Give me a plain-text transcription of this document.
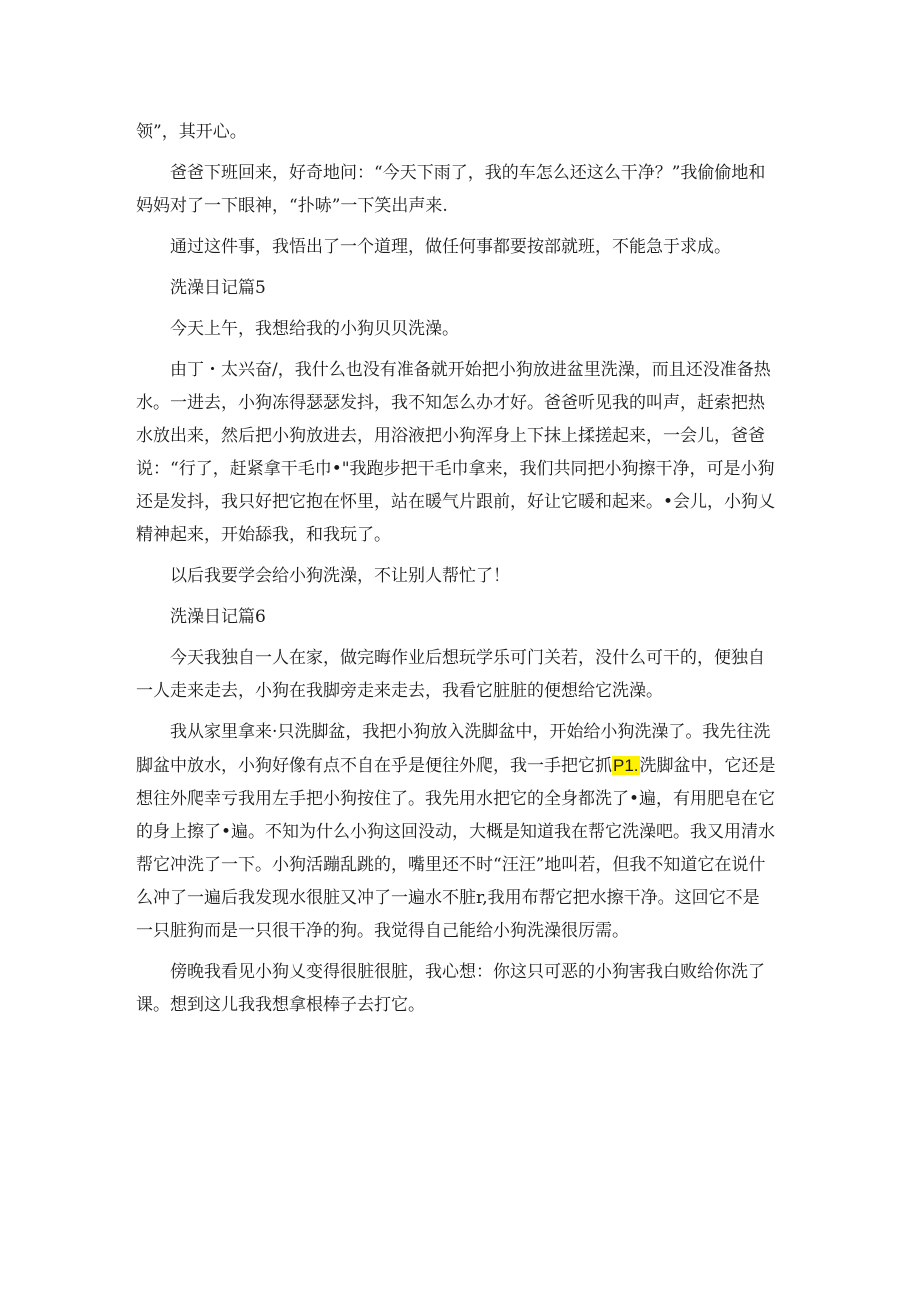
领”，其开心。

爸爸下班回来，好奇地问：“今天下雨了，我的车怎么还这么干净？”我偷偷地和妈妈对了一下眼神，“扑哧”一下笑出声来.

通过这件事，我悟出了一个道理，做任何事都要按部就班，不能急于求成。

洗澡日记篇5

今天上午，我想给我的小狗贝贝洗澡。

由丁・太兴奋/，我什么也没有准备就开始把小狗放进盆里洗澡，而且还没准备热水。一进去，小狗冻得瑟瑟发抖，我不知怎么办才好。爸爸听见我的叫声，赶索把热水放出来，然后把小狗放进去，用浴液把小狗浑身上下抹上揉搓起来，一会儿，爸爸说：“行了，赶紧拿干毛巾•"我跑步把干毛巾拿来，我们共同把小狗擦干净，可是小狗还是发抖，我只好把它抱在怀里，站在暖气片跟前，好让它暖和起来。•会儿，小狗乂精神起来，开始舔我，和我玩了。

以后我要学会给小狗洗澡，不让别人帮忙了！

洗澡日记篇6

今天我独自一人在家，做完晦作业后想玩学乐可门关若，没什么可干的，便独自一人走来走去，小狗在我脚旁走来走去，我看它脏脏的便想给它洗澡。

我从家里拿来·只洗脚盆，我把小狗放入洗脚盆中，开始给小狗洗澡了。我先往洗脚盆中放水，小狗好像有点不自在乎是便往外爬，我一手把它抓P1.洗脚盆中，它还是想往外爬幸亏我用左手把小狗按住了。我先用水把它的全身都洗了•遍，有用肥皂在它的身上擦了•遍。不知为什么小狗这回没动，大概是知道我在帮它洗澡吧。我又用清水帮它冲洗了一下。小狗活蹦乱跳的，嘴里还不时“汪汪”地叫若，但我不知道它在说什么冲了一遍后我发现水很脏又冲了一遍水不脏r,我用布帮它把水擦干净。这回它不是一只脏狗而是一只很干净的狗。我觉得自己能给小狗洗澡很厉需。

傍晚我看见小狗乂变得很脏很脏，我心想：你这只可恶的小狗害我白败给你洗了课。想到这儿我我想拿根棒子去打它。
